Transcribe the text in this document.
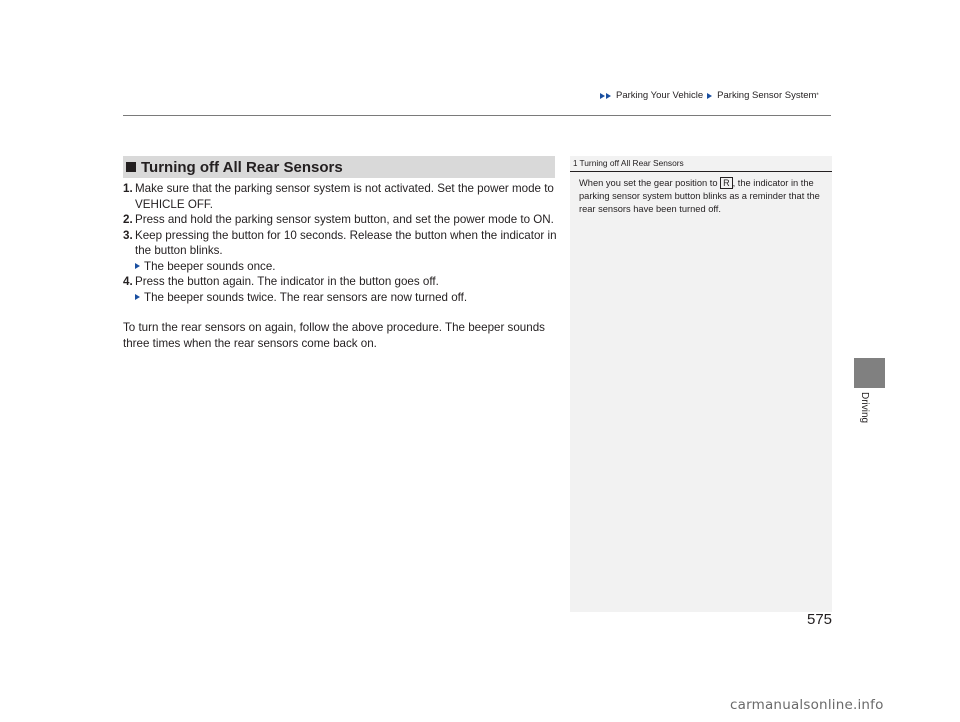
Parking Your Vehicle Parking Sensor System *
Turning off All Rear Sensors
1. Make sure that the parking sensor system is not activated. Set the power mode to VEHICLE OFF.
2. Press and hold the parking sensor system button, and set the power mode to ON.
3. Keep pressing the button for 10 seconds. Release the button when the indicator in the button blinks.
The beeper sounds once.
4. Press the button again. The indicator in the button goes off.
The beeper sounds twice. The rear sensors are now turned off.
To turn the rear sensors on again, follow the above procedure. The beeper sounds three times when the rear sensors come back on.
1 Turning off All Rear Sensors
When you set the gear position to R , the indicator in the parking sensor system button blinks as a reminder that the rear sensors have been turned off.
Driving
575
carmanualsonline.info
